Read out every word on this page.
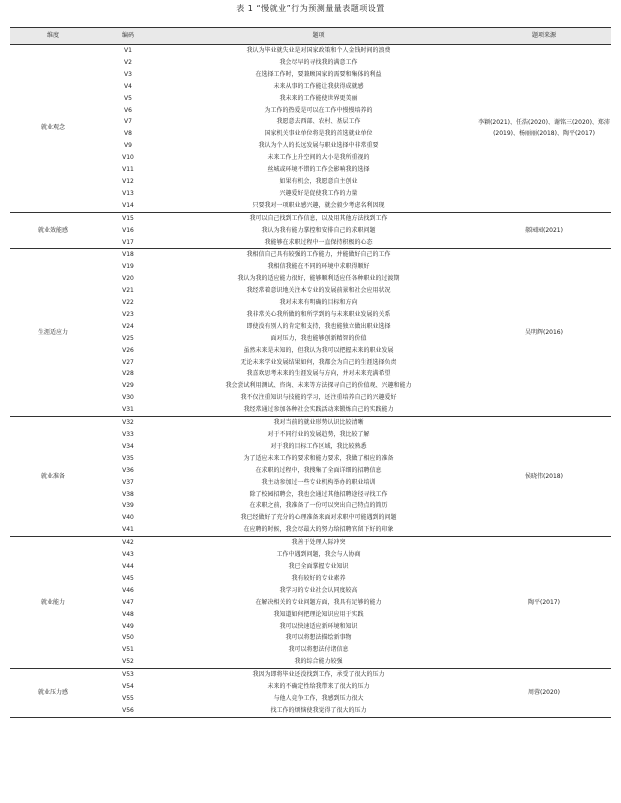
表 1 “慢就业”行为预测量量表题项设置
维度	编码	题项	题项来源
就业观念	V1	我认为毕业就失业是对国家政策和个人金钱时间的浪费	李颖(2021)、任浩(2020)、谢铭三(2020)、郑沛(2019)、杨丽丽(2018)、陶平(2017)
	V2	我会尽早的寻找我的满意工作	
	V3	在选择工作时，要兼顾国家的需要和集体的利益	
	V4	未来从事的工作能让我获得成就感	
	V5	我未来的工作能使世界更美丽	
	V6	为工作的热爱是可以在工作中慢慢培养的	
	V7	我愿意去西部、农村、基层工作	
	V8	国家机关事业单位将是我的首选就业单位	
	V9	我认为个人的长远发展与职业选择中非常重要	
	V10	未来工作上升空间的大小是我所重视的	
	V11	丝城或环境不错的工作会影响我的选择	
	V12	如果有机会，我愿意自主创业	
	V13	兴趣爱好是促使我工作的力量	
	V14	只要我对一项职业感兴趣，就会毅少考虑名利因现	
就业效能感	V15	我可以自己找到工作信息，以及用其他方法找到工作	郝园园(2021)
	V16	我认为我有能力掌控和安排自己的求职问题	
	V17	我能够在求职过程中一直保持积极的心态	
生涯适应力	V18	我相信自己具有较强的工作能力，并能做好自己的工作	吴明辉(2016)
	V19	我相信我能在不同的环境中求职得顺好	
	V20	我认为我的适应能力很好，能够顺利适应任各种职业的过渡期	
	V21	我经常着意识地关注本专业的发展前景和社会应用状况	
	V22	我对未来有明确的目标和方向	
	V23	我非常关心我所做的和所学到的与未来职业发展的关系	
	V24	即使没有别人的肯定和支持，我也能独立做出职业选择	
	V25	面对压力，我也能够创新精智的价值	
	V26	虽然未来是未知的，但我认为我可以把握未来的职业发展	
	V27	无论未来学业发展结果如何，我都会为自己的生涯选择负责	
	V28	我喜欢思考未来的生涯发展与方向，并对未来充满希望	
	V29	我会尝试利用测试、咨询、未来等方法探寻自己的价值观、兴趣和能力	
	V30	我不仅注重知识与技能的学习，还注重培养自己的兴趣爱好	
	V31	我经常通过参加各种社会实践活动来锻炼自己的实践能力	
就业准备	V32	我对当前的就业形势认识比较清晰	侯晓伟(2018)
	V33	对于不同行业的发展趋势，我比较了解	
	V34	对于我的目标工作区域，我比较熟悉	
	V35	为了适应未来工作的要求和能力要求，我做了相应的准备	
	V36	在求职的过程中，我搜集了全面详细的招聘信息	
	V37	我主动参加过一些专业机构举办的职业培训	
	V38	除了校园招聘会，我也会通过其他招聘途径寻找工作	
	V39	在求职之前，我准备了一份可以突出自己特点的简历	
	V40	我已经做好了充分的心理准备来面对求职中可能遇到的问题	
	V41	在应聘的时候，我会尽最大的努力给招聘官留下好的印象	
就业能力	V42	我善于处理人际冲突	陶平(2017)
	V43	工作中遇到问题，我会与人协商	
	V44	我已全面掌握专业知识	
	V45	我有较好的专业素养	
	V46	我学习的专业社会认同度较高	
	V47	在解决相关的专业问题方面，我具有足够的能力	
	V48	我知道如何把理论知识应用于实践	
	V49	我可以快速适应新环境和知识	
	V50	我可以将想法描绘新事物	
	V51	我可以将想法付诸信息	
	V52	我的综合能力较强	
就业压力感	V53	我因为即将毕业还没找到工作，承受了很大的压力	周蓉(2020)
	V54	未来的不确定性给我带来了很大的压力	
	V55	与他人竞争工作，我感到压力很大	
	V56	找工作的烦恼使我觉得了很大的压力	
